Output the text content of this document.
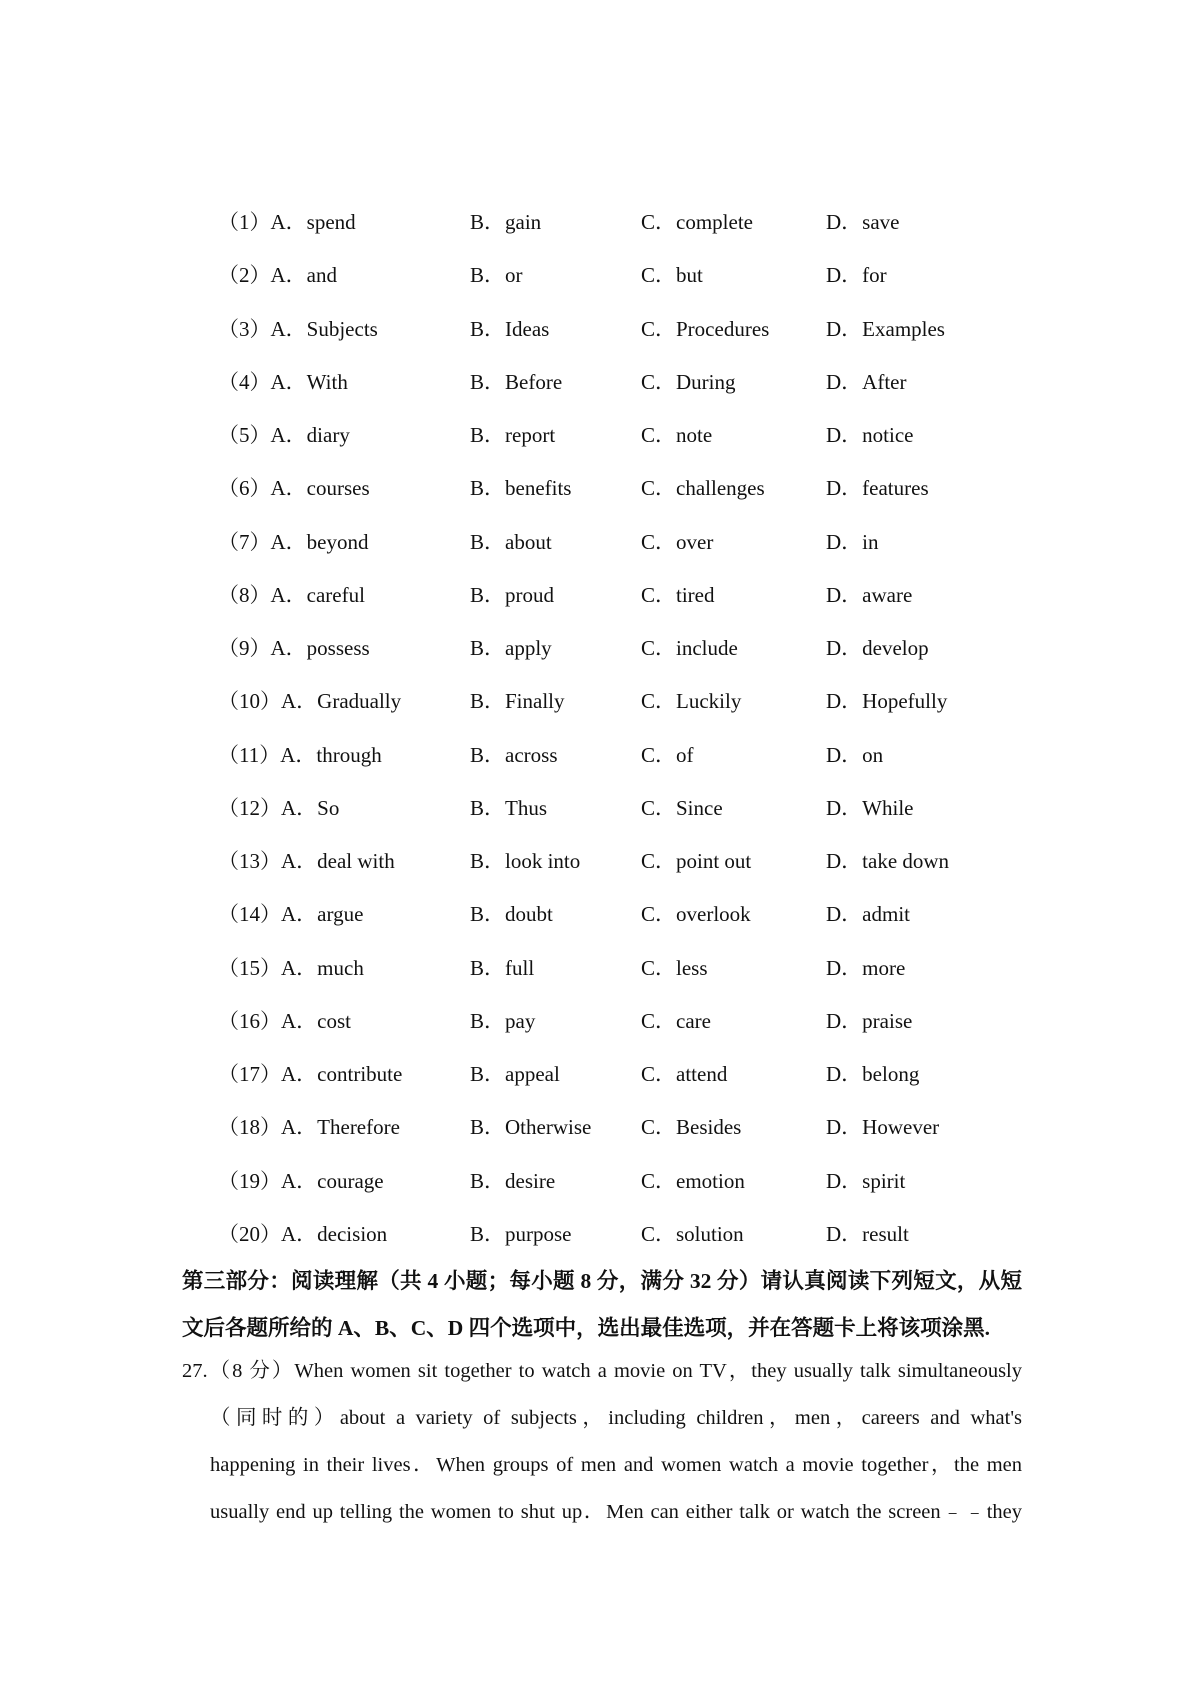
（1）A．spend	B．gain	C．complete	D．save
（2）A．and	B．or	C．but	D．for
（3）A．Subjects	B．Ideas	C．Procedures	D．Examples
（4）A．With	B．Before	C．During	D．After
（5）A．diary	B．report	C．note	D．notice
（6）A．courses	B．benefits	C．challenges	D．features
（7）A．beyond	B．about	C．over	D．in
（8）A．careful	B．proud	C．tired	D．aware
（9）A．possess	B．apply	C．include	D．develop
（10）A．Gradually	B．Finally	C．Luckily	D．Hopefully
（11）A．through	B．across	C．of	D．on
（12）A．So	B．Thus	C．Since	D．While
（13）A．deal with	B．look into	C．point out	D．take down
（14）A．argue	B．doubt	C．overlook	D．admit
（15）A．much	B．full	C．less	D．more
（16）A．cost	B．pay	C．care	D．praise
（17）A．contribute	B．appeal	C．attend	D．belong
（18）A．Therefore	B．Otherwise C．Besides	D．However
（19）A．courage	B．desire	C．emotion	D．spirit
（20）A．decision	B．purpose	C．solution	D．result
第三部分：阅读理解（共 4 小题；每小题 8 分，满分 32 分）请认真阅读下列短文，从短
文后各题所给的 A、B、C、D 四个选项中，选出最佳选项，并在答题卡上将该项涂黑.
27.（8 分）When women sit together to watch a movie on TV，they usually talk simultaneously
（同时的）about a variety of subjects，including children，men，careers and what's
happening in their lives．When groups of men and women watch a movie together，the men
usually end up telling the women to shut up．Men can either talk or watch the screen﹣﹣they
